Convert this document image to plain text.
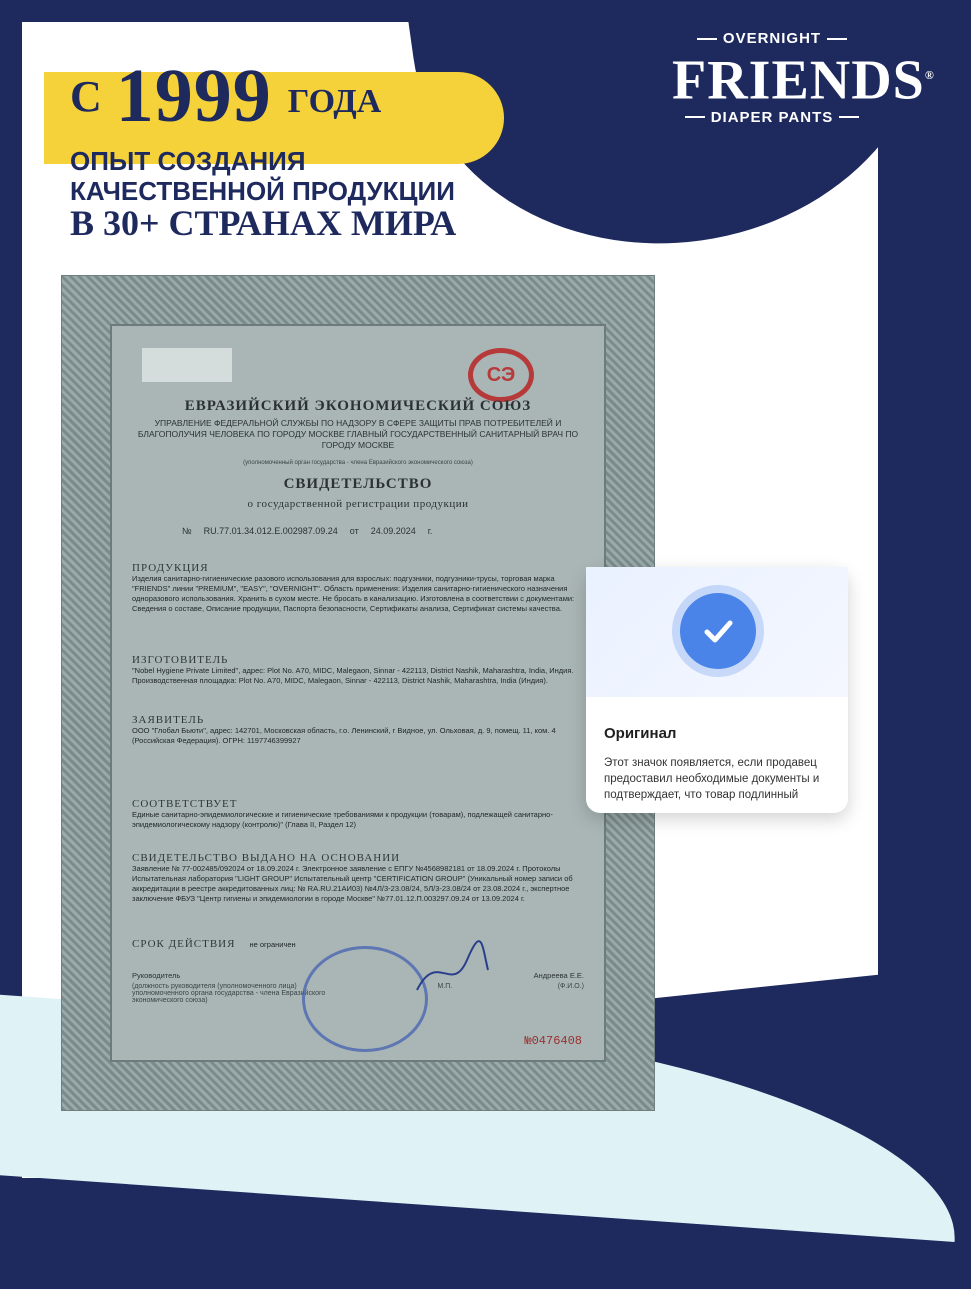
С 1999 ГОДА
ОПЫТ СОЗДАНИЯ
КАЧЕСТВЕННОЙ ПРОДУКЦИИ
В 30+ СТРАНАХ МИРА
OVERNIGHT
FRIENDS®
DIAPER PANTS
СЭ
ЕВРАЗИЙСКИЙ ЭКОНОМИЧЕСКИЙ СОЮЗ
УПРАВЛЕНИЕ ФЕДЕРАЛЬНОЙ СЛУЖБЫ ПО НАДЗОРУ В СФЕРЕ ЗАЩИТЫ ПРАВ ПОТРЕБИТЕЛЕЙ И БЛАГОПОЛУЧИЯ ЧЕЛОВЕКА ПО ГОРОДУ МОСКВЕ ГЛАВНЫЙ ГОСУДАРСТВЕННЫЙ САНИТАРНЫЙ ВРАЧ ПО ГОРОДУ МОСКВЕ
(уполномоченный орган государства - члена Евразийского экономического союза)
СВИДЕТЕЛЬСТВО
о государственной регистрации продукции
№ RU.77.01.34.012.Е.002987.09.24 от 24.09.2024 г.
ПРОДУКЦИЯ
Изделия санитарно-гигиенические разового использования для взрослых: подгузники, подгузники-трусы, торговая марка "FRIENDS" линии "PREMIUM", "EASY", "OVERNIGHT". Область применения: Изделия санитарно-гигиенического назначения одноразового использования. Хранить в сухом месте. Не бросать в канализацию. Изготовлена в соответствии с документами: Сведения о составе, Описание продукции, Паспорта безопасности, Сертификаты анализа, Сертификат системы качества.
ИЗГОТОВИТЕЛЬ
"Nobel Hygiene Private Limited", адрес: Plot No. A70, MIDC, Malegaon, Sinnar - 422113, District Nashik, Maharashtra, India, Индия. Производственная площадка: Plot No. A70, MIDC, Malegaon, Sinnar - 422113, District Nashik, Maharashtra, India (Индия).
ЗАЯВИТЕЛЬ
ООО "Глобал Бьюти", адрес: 142701, Московская область, г.о. Ленинский, г Видное, ул. Ольховая, д. 9, помещ. 11, ком. 4 (Российская Федерация). ОГРН: 1197746399927
СООТВЕТСТВУЕТ
Единые санитарно-эпидемиологические и гигиенические требованиями к продукции (товарам), подлежащей санитарно-эпидемиологическому надзору (контролю)" (Глава II, Раздел 12)
СВИДЕТЕЛЬСТВО ВЫДАНО НА ОСНОВАНИИ
Заявление № 77-002485/092024 от 18.09.2024 г. Электронное заявление с ЕПГУ №4568982181 от 18.09.2024 г. Протоколы Испытательная лаборатория "LIGHT GROUP" Испытательный центр "CERTIFICATION GROUP" (Уникальный номер записи об аккредитации в реестре аккредитованных лиц: № RA.RU.21АИ03) №4Л/3-23.08/24, 5Л/3-23.08/24 от 23.08.2024 г., экспертное заключение ФБУЗ "Центр гигиены и эпидемиологии в городе Москве" №77.01.12.П.003297.09.24 от 13.09.2024 г.
СРОК ДЕЙСТВИЯ не ограничен
Руководитель	Андреева Е.Е.
(должность руководителя (уполномоченного лица) уполномоченного органа государства - члена Евразийского экономического союза)
М.П.	(Ф.И.О.)
№0476408
Оригинал
Этот значок появляется, если продавец предоставил необходимые документы и подтверждает, что товар подлинный
